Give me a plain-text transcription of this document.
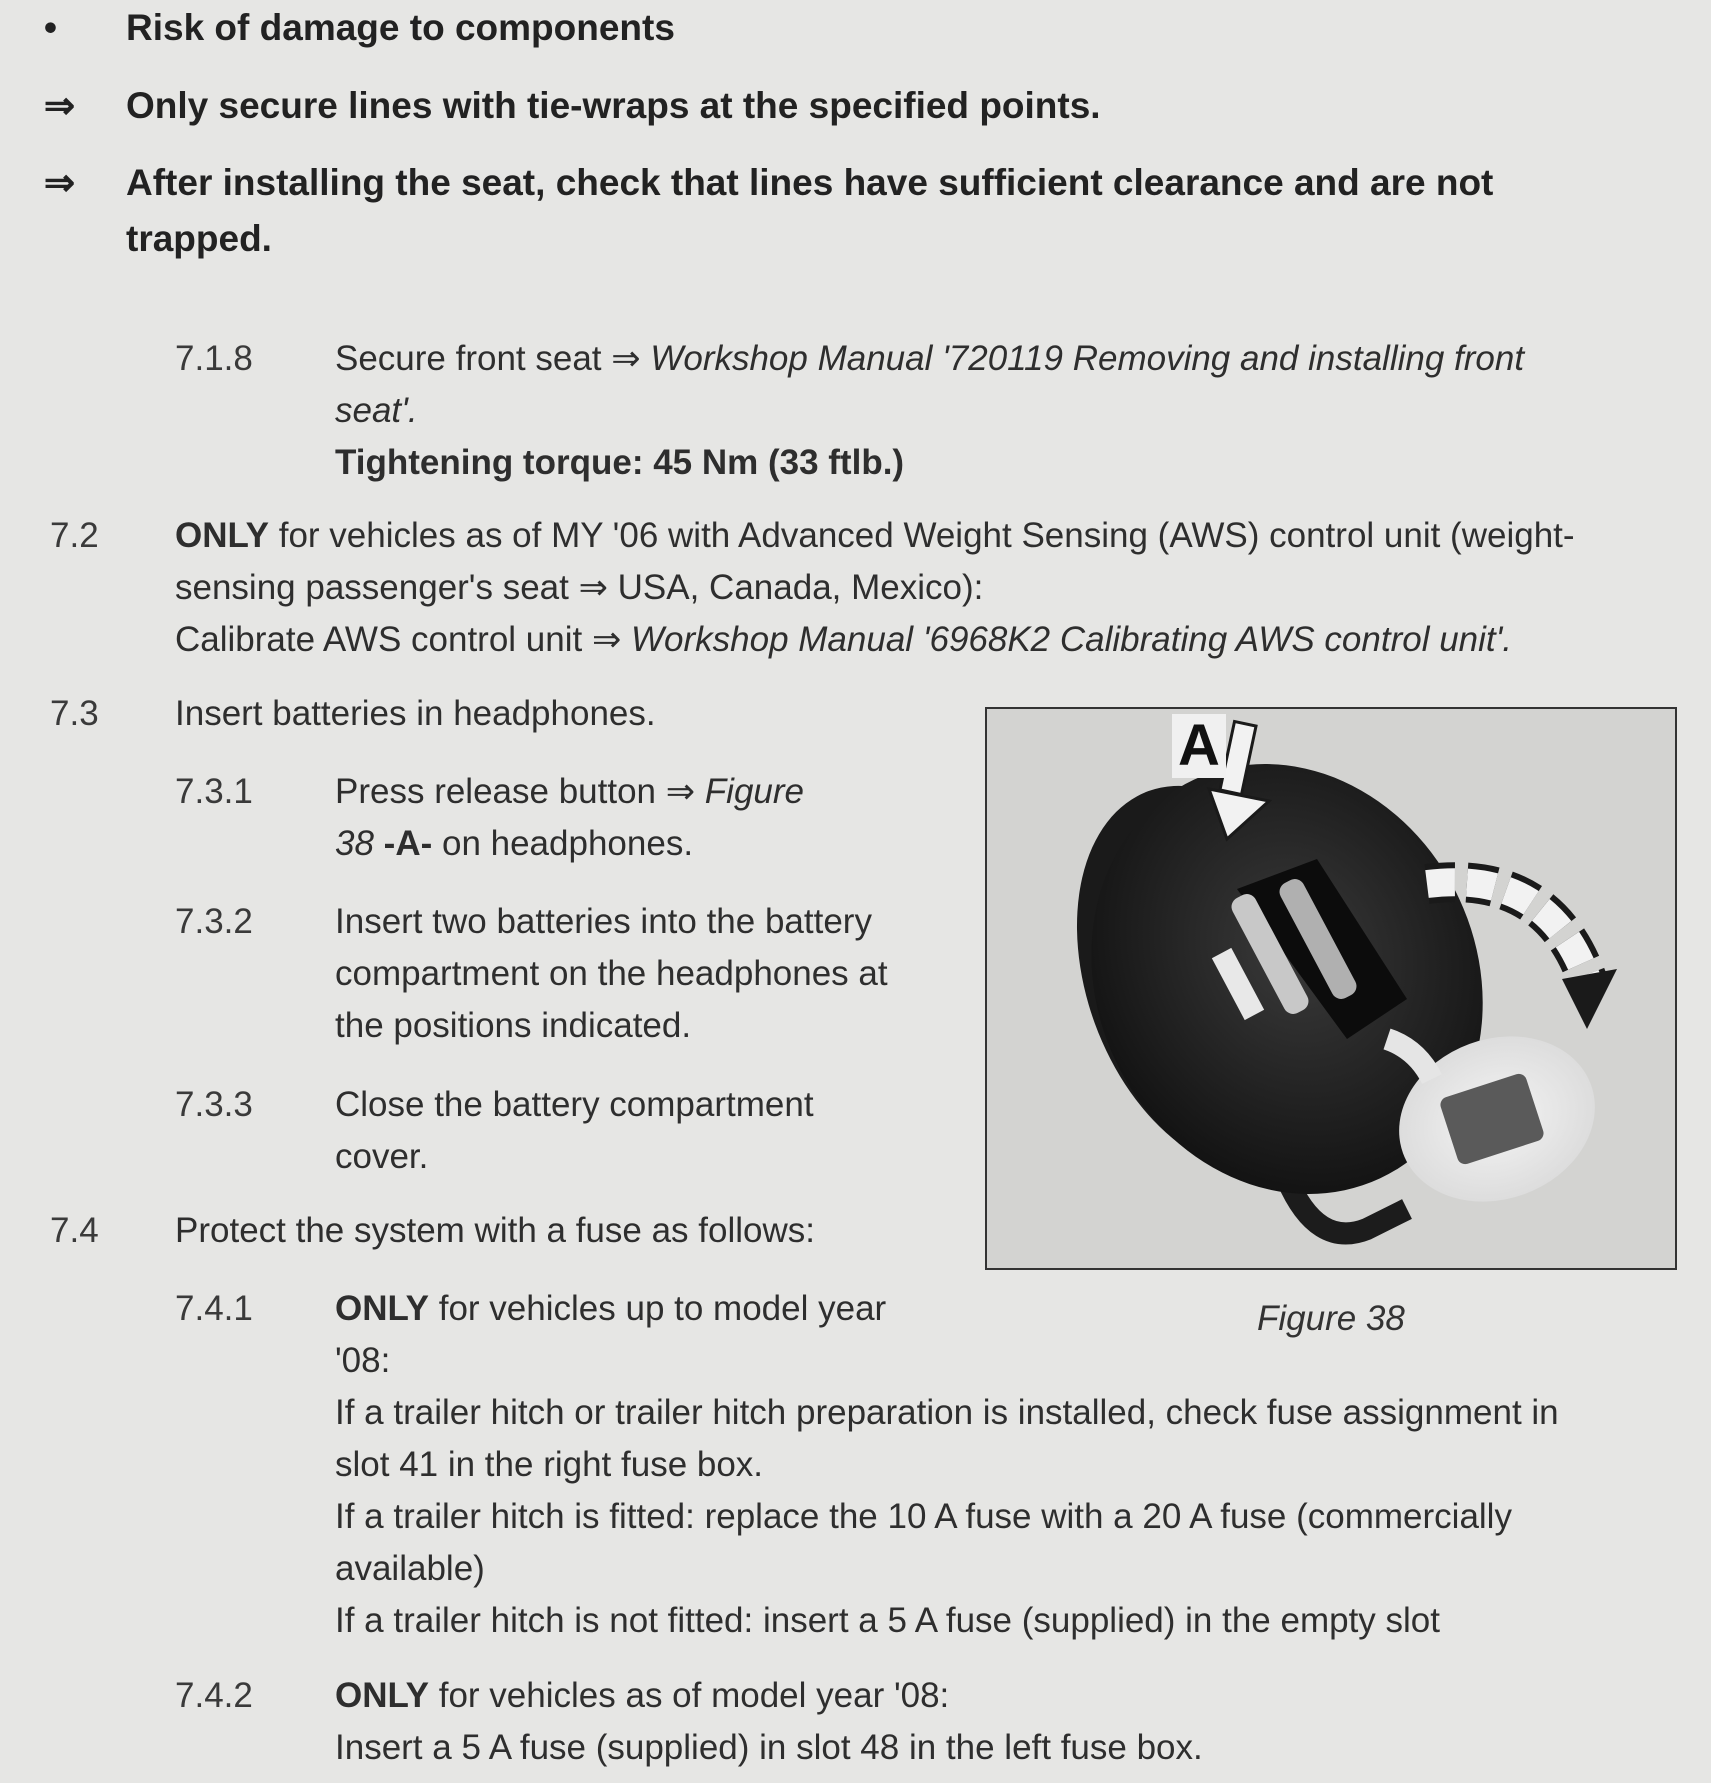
• Risk of damage to components
⇒ Only secure lines with tie-wraps at the specified points.
⇒ After installing the seat, check that lines have sufficient clearance and are not
trapped.
7.1.8 Secure front seat ⇒ Workshop Manual '720119 Removing and installing front
seat'.
Tightening torque: 45 Nm (33 ftlb.)
7.2 ONLY for vehicles as of MY '06 with Advanced Weight Sensing (AWS) control unit (weight-
sensing passenger's seat ⇒ USA, Canada, Mexico):
Calibrate AWS control unit ⇒ Workshop Manual '6968K2 Calibrating AWS control unit'.
7.3 Insert batteries in headphones.
7.3.1 Press release button ⇒ Figure
38 -A- on headphones.
7.3.2 Insert two batteries into the battery
compartment on the headphones at
the positions indicated.
7.3.3 Close the battery compartment
cover.
7.4 Protect the system with a fuse as follows:
7.4.1 ONLY for vehicles up to model year
'08:
If a trailer hitch or trailer hitch preparation is installed, check fuse assignment in
slot 41 in the right fuse box.
If a trailer hitch is fitted: replace the 10 A fuse with a 20 A fuse (commercially
available)
If a trailer hitch is not fitted: insert a 5 A fuse (supplied) in the empty slot
7.4.2 ONLY for vehicles as of model year '08:
Insert a 5 A fuse (supplied) in slot 48 in the left fuse box.
A
Figure 38
